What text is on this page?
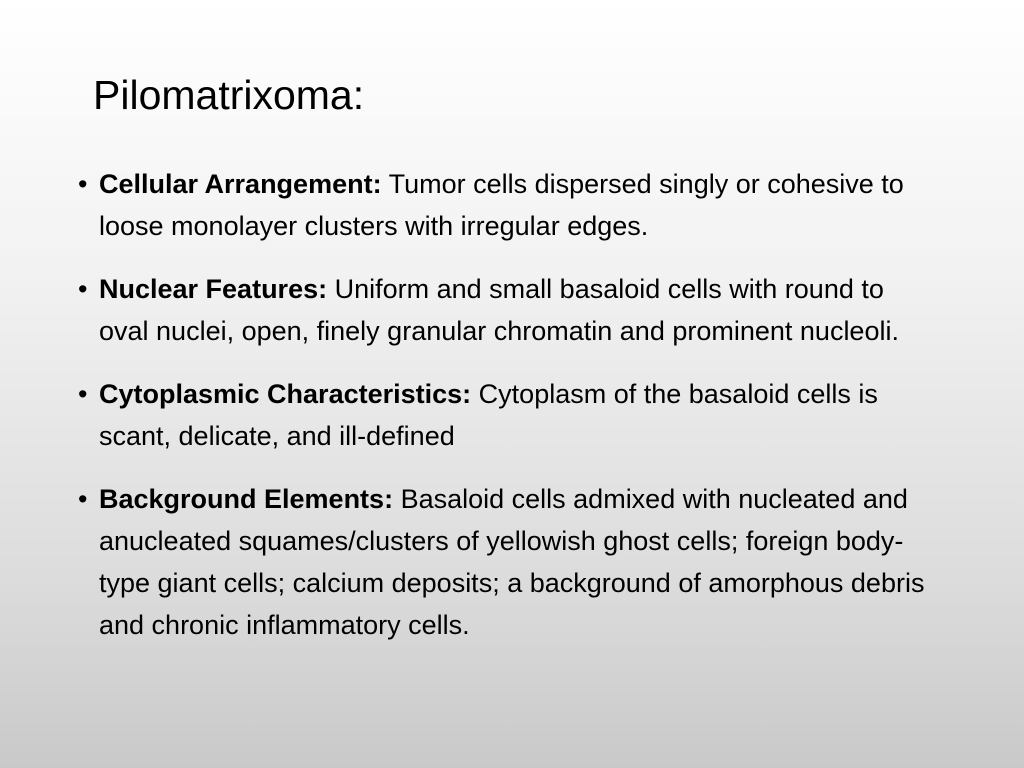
Pilomatrixoma:
• Cellular Arrangement: Tumor cells dispersed singly or cohesive to loose monolayer clusters with irregular edges.
• Nuclear Features: Uniform and small basaloid cells with round to oval nuclei, open, finely granular chromatin and prominent nucleoli.
• Cytoplasmic Characteristics: Cytoplasm of the basaloid cells is scant, delicate, and ill-defined
• Background Elements: Basaloid cells admixed with nucleated and anucleated squames/clusters of yellowish ghost cells; foreign body-type giant cells; calcium deposits; a background of amorphous debris and chronic inflammatory cells.
